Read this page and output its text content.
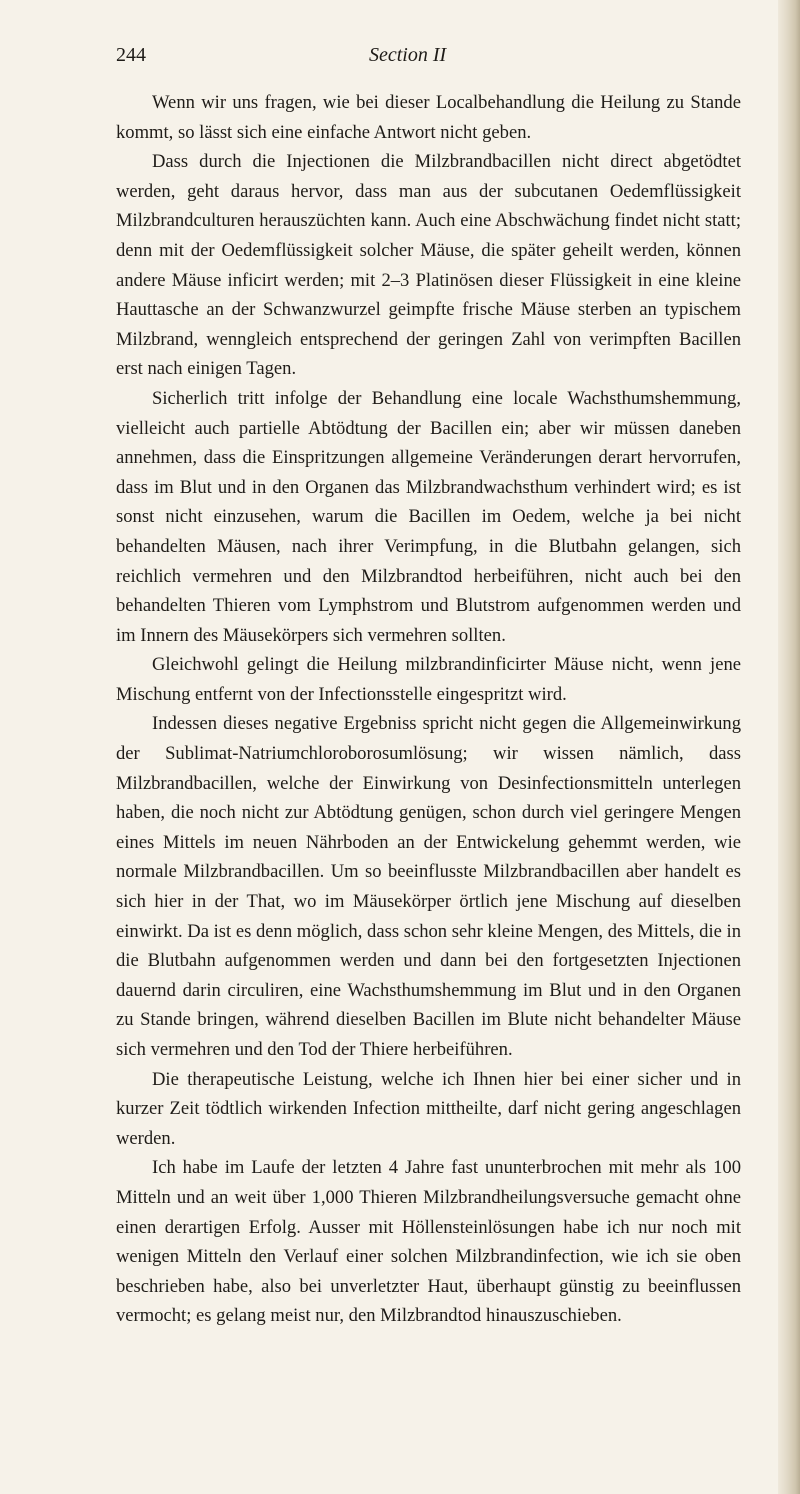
244	Section II

Wenn wir uns fragen, wie bei dieser Localbehandlung die Heilung zu Stande kommt, so lässt sich eine einfache Antwort nicht geben.

Dass durch die Injectionen die Milzbrandbacillen nicht direct abgetödtet werden, geht daraus hervor, dass man aus der subcutanen Oedemflüssigkeit Milzbrandculturen herauszüchten kann. Auch eine Abschwächung findet nicht statt; denn mit der Oedemflüssigkeit solcher Mäuse, die später geheilt werden, können andere Mäuse inficirt werden; mit 2–3 Platinösen dieser Flüssigkeit in eine kleine Hauttasche an der Schwanzwurzel geimpfte frische Mäuse sterben an typischem Milzbrand, wenngleich entsprechend der geringen Zahl von verimpften Bacillen erst nach einigen Tagen.

Sicherlich tritt infolge der Behandlung eine locale Wachsthumshemmung, vielleicht auch partielle Abtödtung der Bacillen ein; aber wir müssen daneben annehmen, dass die Einspritzungen allgemeine Veränderungen derart hervorrufen, dass im Blut und in den Organen das Milzbrandwachsthum verhindert wird; es ist sonst nicht einzusehen, warum die Bacillen im Oedem, welche ja bei nicht behandelten Mäusen, nach ihrer Verimpfung, in die Blutbahn gelangen, sich reichlich vermehren und den Milzbrandtod herbeiführen, nicht auch bei den behandelten Thieren vom Lymphstrom und Blutstrom aufgenommen werden und im Innern des Mäusekörpers sich vermehren sollten.

Gleichwohl gelingt die Heilung milzbrandinficirter Mäuse nicht, wenn jene Mischung entfernt von der Infectionsstelle eingespritzt wird.

Indessen dieses negative Ergebniss spricht nicht gegen die Allgemeinwirkung der Sublimat-Natriumchloroborosumlösung; wir wissen nämlich, dass Milzbrandbacillen, welche der Einwirkung von Desinfectionsmitteln unterlegen haben, die noch nicht zur Abtödtung genügen, schon durch viel geringere Mengen eines Mittels im neuen Nährboden an der Entwickelung gehemmt werden, wie normale Milzbrandbacillen. Um so beeinflusste Milzbrandbacillen aber handelt es sich hier in der That, wo im Mäusekörper örtlich jene Mischung auf dieselben einwirkt. Da ist es denn möglich, dass schon sehr kleine Mengen, des Mittels, die in die Blutbahn aufgenommen werden und dann bei den fortgesetzten Injectionen dauernd darin circuliren, eine Wachsthumshemmung im Blut und in den Organen zu Stande bringen, während dieselben Bacillen im Blute nicht behandelter Mäuse sich vermehren und den Tod der Thiere herbeiführen.

Die therapeutische Leistung, welche ich Ihnen hier bei einer sicher und in kurzer Zeit tödtlich wirkenden Infection mittheilte, darf nicht gering angeschlagen werden.

Ich habe im Laufe der letzten 4 Jahre fast ununterbrochen mit mehr als 100 Mitteln und an weit über 1,000 Thieren Milzbrandheilungsversuche gemacht ohne einen derartigen Erfolg. Ausser mit Höllensteinlösungen habe ich nur noch mit wenigen Mitteln den Verlauf einer solchen Milzbrandinfection, wie ich sie oben beschrieben habe, also bei unverletzter Haut, überhaupt günstig zu beeinflussen vermocht; es gelang meist nur, den Milzbrandtod hinauszuschieben.
